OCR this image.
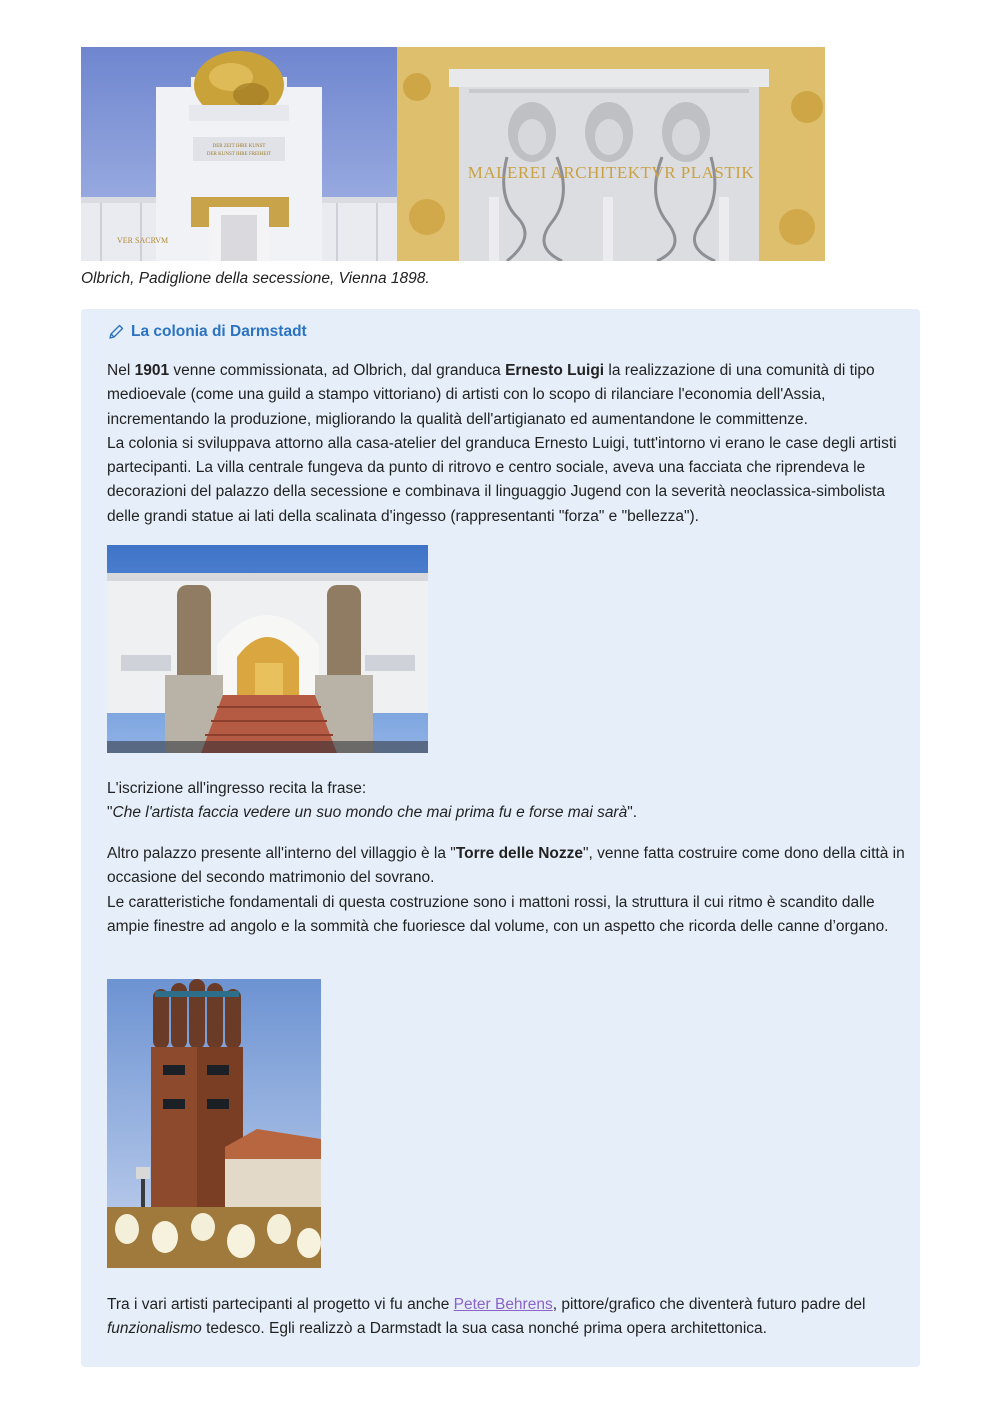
DER ZEIT IHRE KUNST
DER KUNST IHRE FREIHEIT
VER SACRVM
MALEREI ARCHITEKTVR PLASTIK
Olbrich, Padiglione della secessione, Vienna 1898.
La colonia di Darmstadt
Nel 1901 venne commissionata, ad Olbrich, dal granduca Ernesto Luigi la realizzazione di una comunità di tipo medioevale (come una guild a stampo vittoriano) di artisti con lo scopo di rilanciare l'economia dell'Assia, incrementando la produzione, migliorando la qualità dell'artigianato ed aumentandone le committenze.
La colonia si sviluppava attorno alla casa-atelier del granduca Ernesto Luigi, tutt'intorno vi erano le case degli artisti partecipanti. La villa centrale fungeva da punto di ritrovo e centro sociale, aveva una facciata che riprendeva le decorazioni del palazzo della secessione e combinava il linguaggio Jugend con la severità neoclassica-simbolista delle grandi statue ai lati della scalinata d'ingesso (rappresentanti "forza" e "bellezza").
L'iscrizione all'ingresso recita la frase:
"Che l'artista faccia vedere un suo mondo che mai prima fu e forse mai sarà".
Altro palazzo presente all'interno del villaggio è la "Torre delle Nozze", venne fatta costruire come dono della città in occasione del secondo matrimonio del sovrano.
Le caratteristiche fondamentali di questa costruzione sono i mattoni rossi, la struttura il cui ritmo è scandito dalle ampie finestre ad angolo e la sommità che fuoriesce dal volume, con un aspetto che ricorda delle canne d’organo.
Tra i vari artisti partecipanti al progetto vi fu anche Peter Behrens, pittore/grafico che diventerà futuro padre del funzionalismo tedesco. Egli realizzò a Darmstadt la sua casa nonché prima opera architettonica.
